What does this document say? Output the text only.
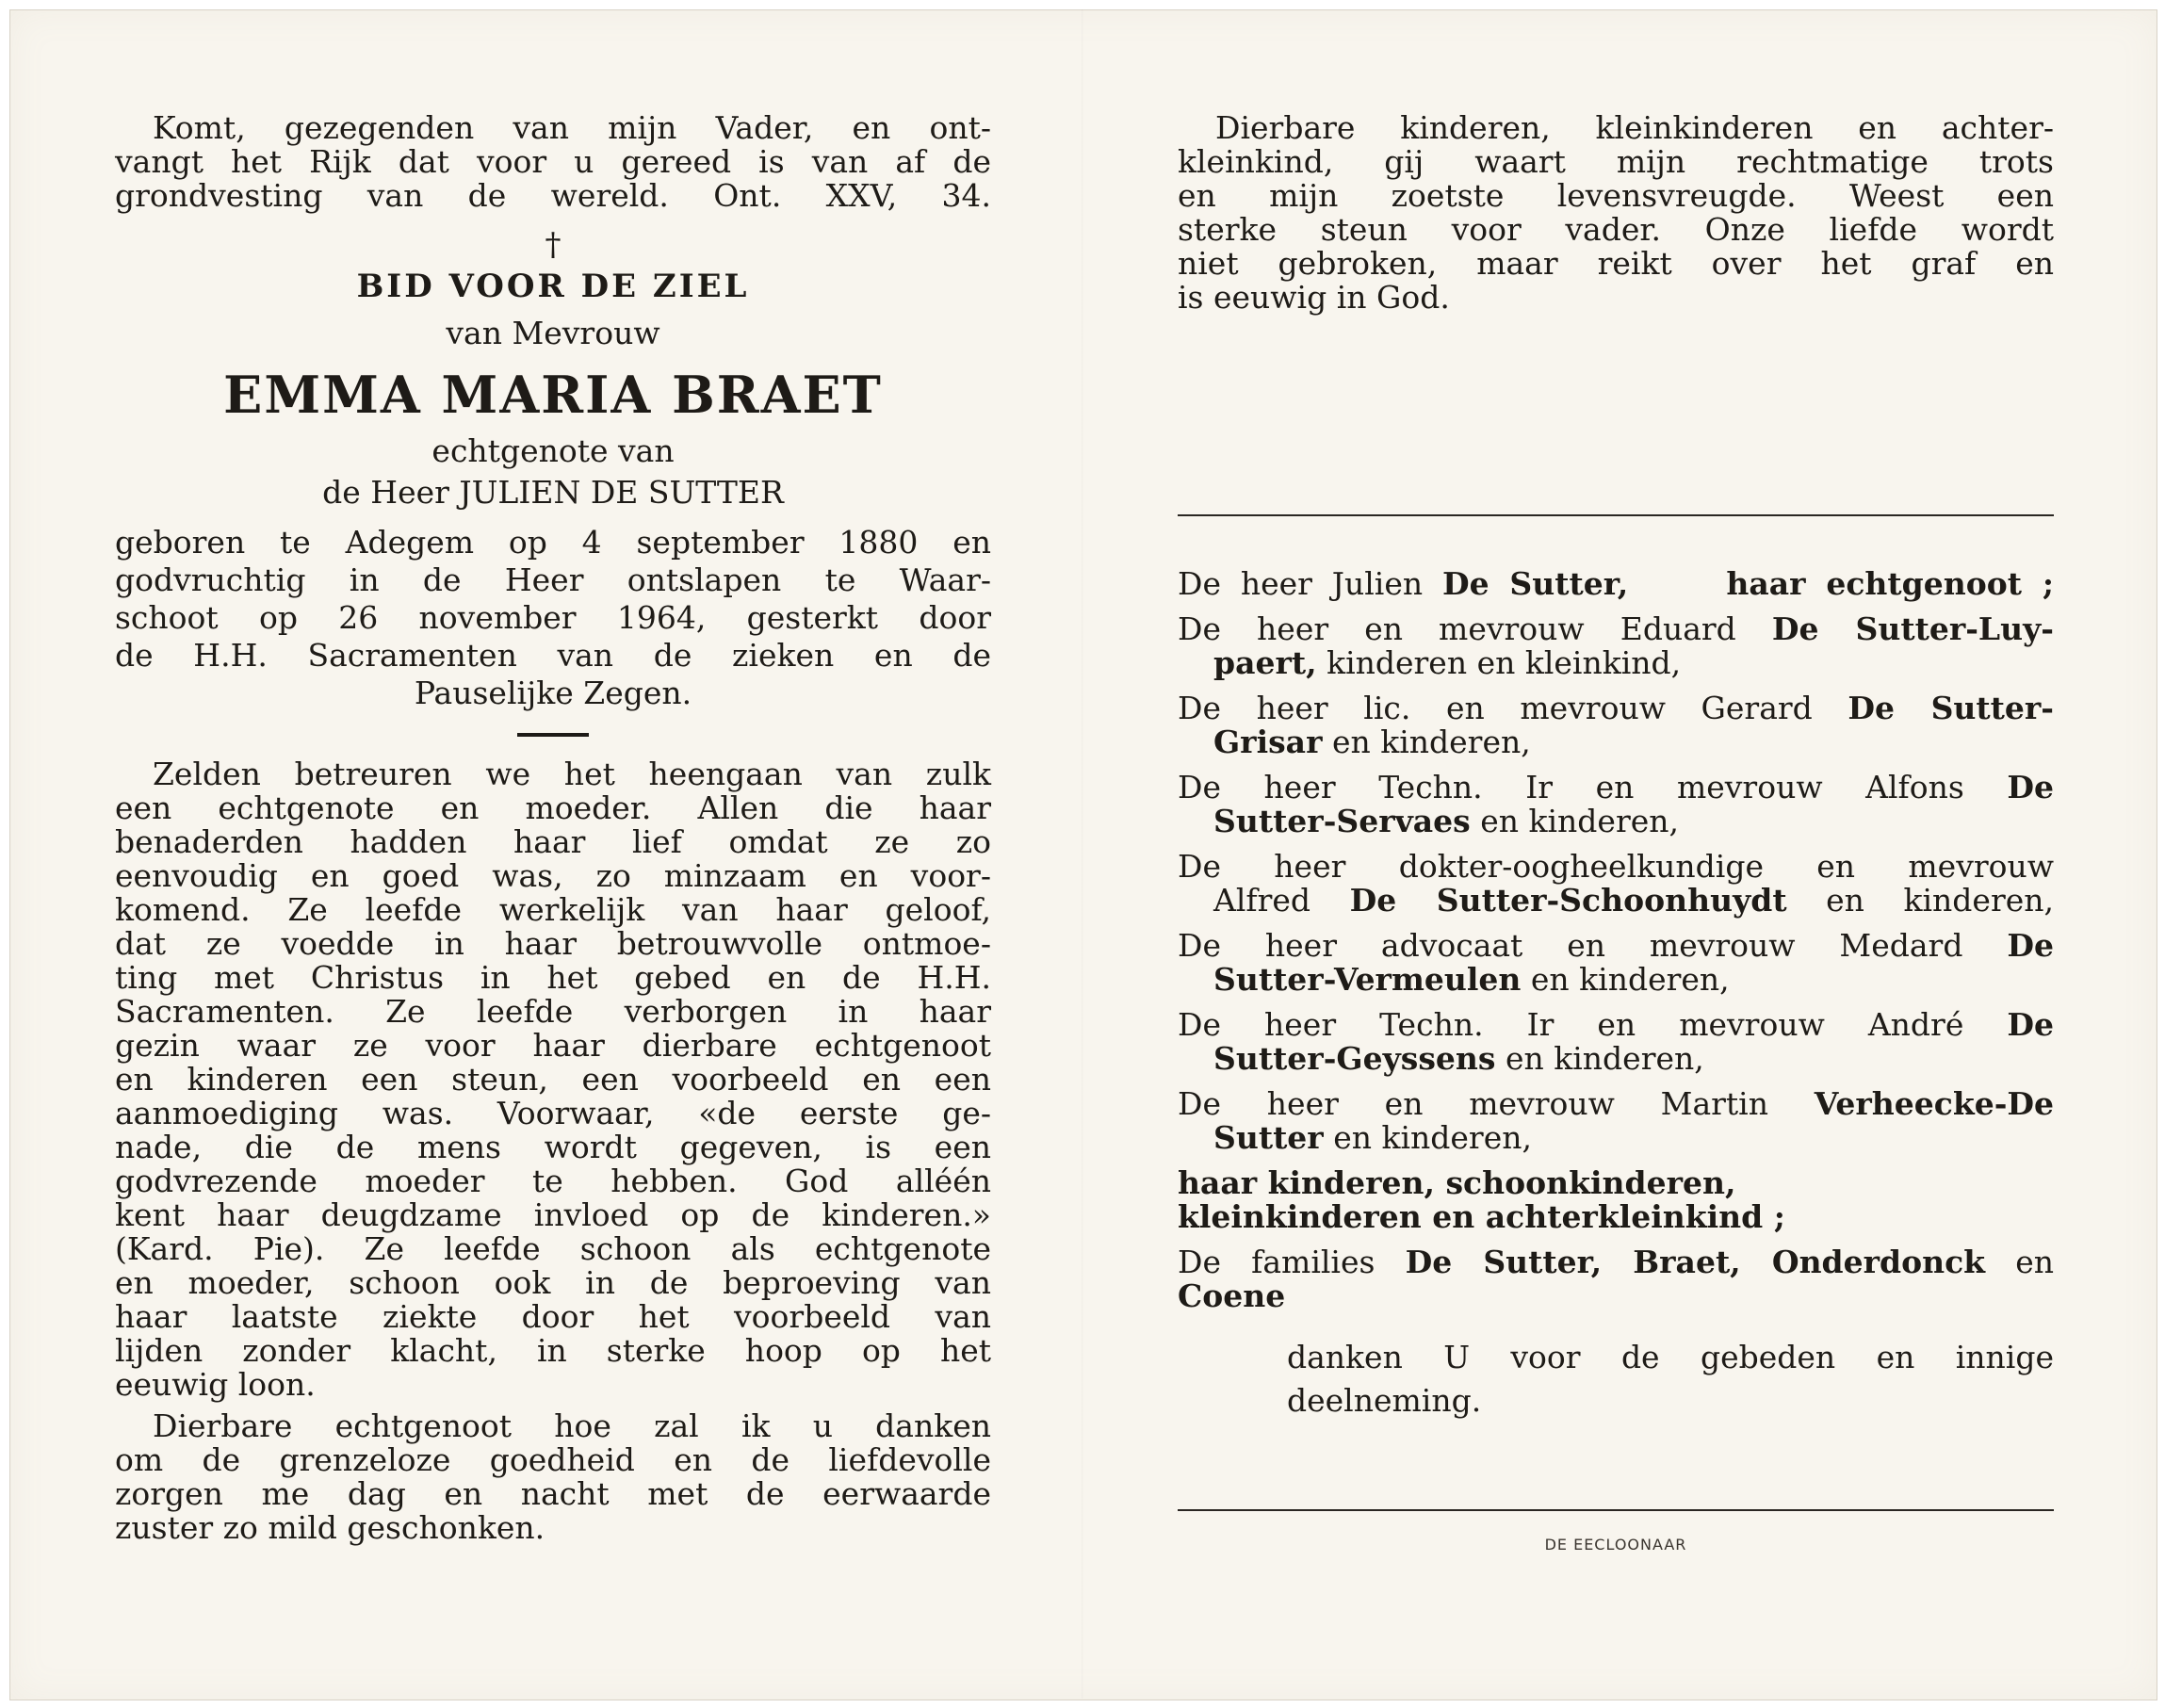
Komt, gezegenden van mijn Vader, en ont-

vangt het Rijk dat voor u gereed is van af de

grondvesting van de wereld. Ont. XXV, 34.

†

BID VOOR DE ZIEL

van Mevrouw

EMMA MARIA BRAET

echtgenote van

de Heer JULIEN DE SUTTER

geboren te Adegem op 4 september 1880 en

godvruchtig in de Heer ontslapen te Waar-

schoot op 26 november 1964, gesterkt door

de H.H. Sacramenten van de zieken en de

Pauselijke Zegen.

Zelden betreuren we het heengaan van zulk

een echtgenote en moeder. Allen die haar

benaderden hadden haar lief omdat ze zo

eenvoudig en goed was, zo minzaam en voor-

komend. Ze leefde werkelijk van haar geloof,

dat ze voedde in haar betrouwvolle ontmoe-

ting met Christus in het gebed en de H.H.

Sacramenten. Ze leefde verborgen in haar

gezin waar ze voor haar dierbare echtgenoot

en kinderen een steun, een voorbeeld en een

aanmoediging was. Voorwaar, «de eerste ge-

nade, die de mens wordt gegeven, is een

godvrezende moeder te hebben. God alléén

kent haar deugdzame invloed op de kinderen.»

(Kard. Pie). Ze leefde schoon als echtgenote

en moeder, schoon ook in de beproeving van

haar laatste ziekte door het voorbeeld van

lijden zonder klacht, in sterke hoop op het

eeuwig loon.

Dierbare echtgenoot hoe zal ik u danken

om de grenzeloze goedheid en de liefdevolle

zorgen me dag en nacht met de eerwaarde

zuster zo mild geschonken.

Dierbare kinderen, kleinkinderen en achter-

kleinkind, gij waart mijn rechtmatige trots

en mijn zoetste levensvreugde. Weest een

sterke steun voor vader. Onze liefde wordt

niet gebroken, maar reikt over het graf en

is eeuwig in God.

De heer Julien De Sutter,	haar echtgenoot ;

De heer en mevrouw Eduard De Sutter-Luy-

paert, kinderen en kleinkind,

De heer lic. en mevrouw Gerard De Sutter-

Grisar en kinderen,

De heer Techn. Ir en mevrouw Alfons De

Sutter-Servaes en kinderen,

De heer dokter-oogheelkundige en mevrouw

Alfred De Sutter-Schoonhuydt en kinderen,

De heer advocaat en mevrouw Medard De

Sutter-Vermeulen en kinderen,

De heer Techn. Ir en mevrouw André De

Sutter-Geyssens en kinderen,

De heer en mevrouw Martin Verheecke-De

Sutter en kinderen,

haar kinderen, schoonkinderen,

kleinkinderen en achterkleinkind ;

De families De Sutter, Braet, Onderdonck en

Coene

danken U voor de gebeden en innige

deelneming.

DE EECLOONAAR
